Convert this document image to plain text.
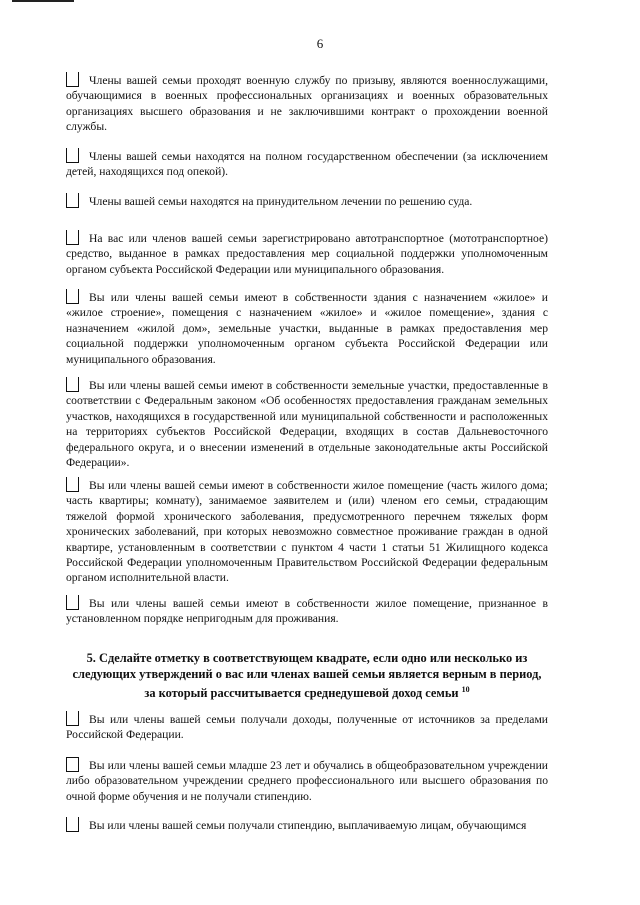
6
Члены вашей семьи проходят военную службу по призыву, являются военнослужащими, обучающимися в военных профессиональных организациях и военных образовательных организациях высшего образования и не заключившими контракт о прохождении военной службы.
Члены вашей семьи находятся на полном государственном обеспечении (за исключением детей, находящихся под опекой).
Члены вашей семьи находятся на принудительном лечении по решению суда.
На вас или членов вашей семьи зарегистрировано автотранспортное (мототранспортное) средство, выданное в рамках предоставления мер социальной поддержки уполномоченным органом субъекта Российской Федерации или муниципального образования.
Вы или члены вашей семьи имеют в собственности здания с назначением «жилое» и «жилое строение», помещения с назначением «жилое» и «жилое помещение», здания с назначением «жилой дом», земельные участки, выданные в рамках предоставления мер социальной поддержки уполномоченным органом субъекта Российской Федерации или муниципального образования.
Вы или члены вашей семьи имеют в собственности земельные участки, предоставленные в соответствии с Федеральным законом «Об особенностях предоставления гражданам земельных участков, находящихся в государственной или муниципальной собственности и расположенных на территориях субъектов Российской Федерации, входящих в состав Дальневосточного федерального округа, и о внесении изменений в отдельные законодательные акты Российской Федерации».
Вы или члены вашей семьи имеют в собственности жилое помещение (часть жилого дома; часть квартиры; комнату), занимаемое заявителем и (или) членом его семьи, страдающим тяжелой формой хронического заболевания, предусмотренного перечнем тяжелых форм хронических заболеваний, при которых невозможно совместное проживание граждан в одной квартире, установленным в соответствии с пунктом 4 части 1 статьи 51 Жилищного кодекса Российской Федерации уполномоченным Правительством Российской Федерации федеральным органом исполнительной власти.
Вы или члены вашей семьи имеют в собственности жилое помещение, признанное в установленном порядке непригодным для проживания.
5. Сделайте отметку в соответствующем квадрате, если одно или несколько из следующих утверждений о вас или членах вашей семьи является верным в период, за который рассчитывается среднедушевой доход семьи $^{10}$
Вы или члены вашей семьи получали доходы, полученные от источников за пределами Российской Федерации.
Вы или члены вашей семьи младше 23 лет и обучались в общеобразовательном учреждении либо образовательном учреждении среднего профессионального или высшего образования по очной форме обучения и не получали стипендию.
Вы или члены вашей семьи получали стипендию, выплачиваемую лицам, обучающимся
